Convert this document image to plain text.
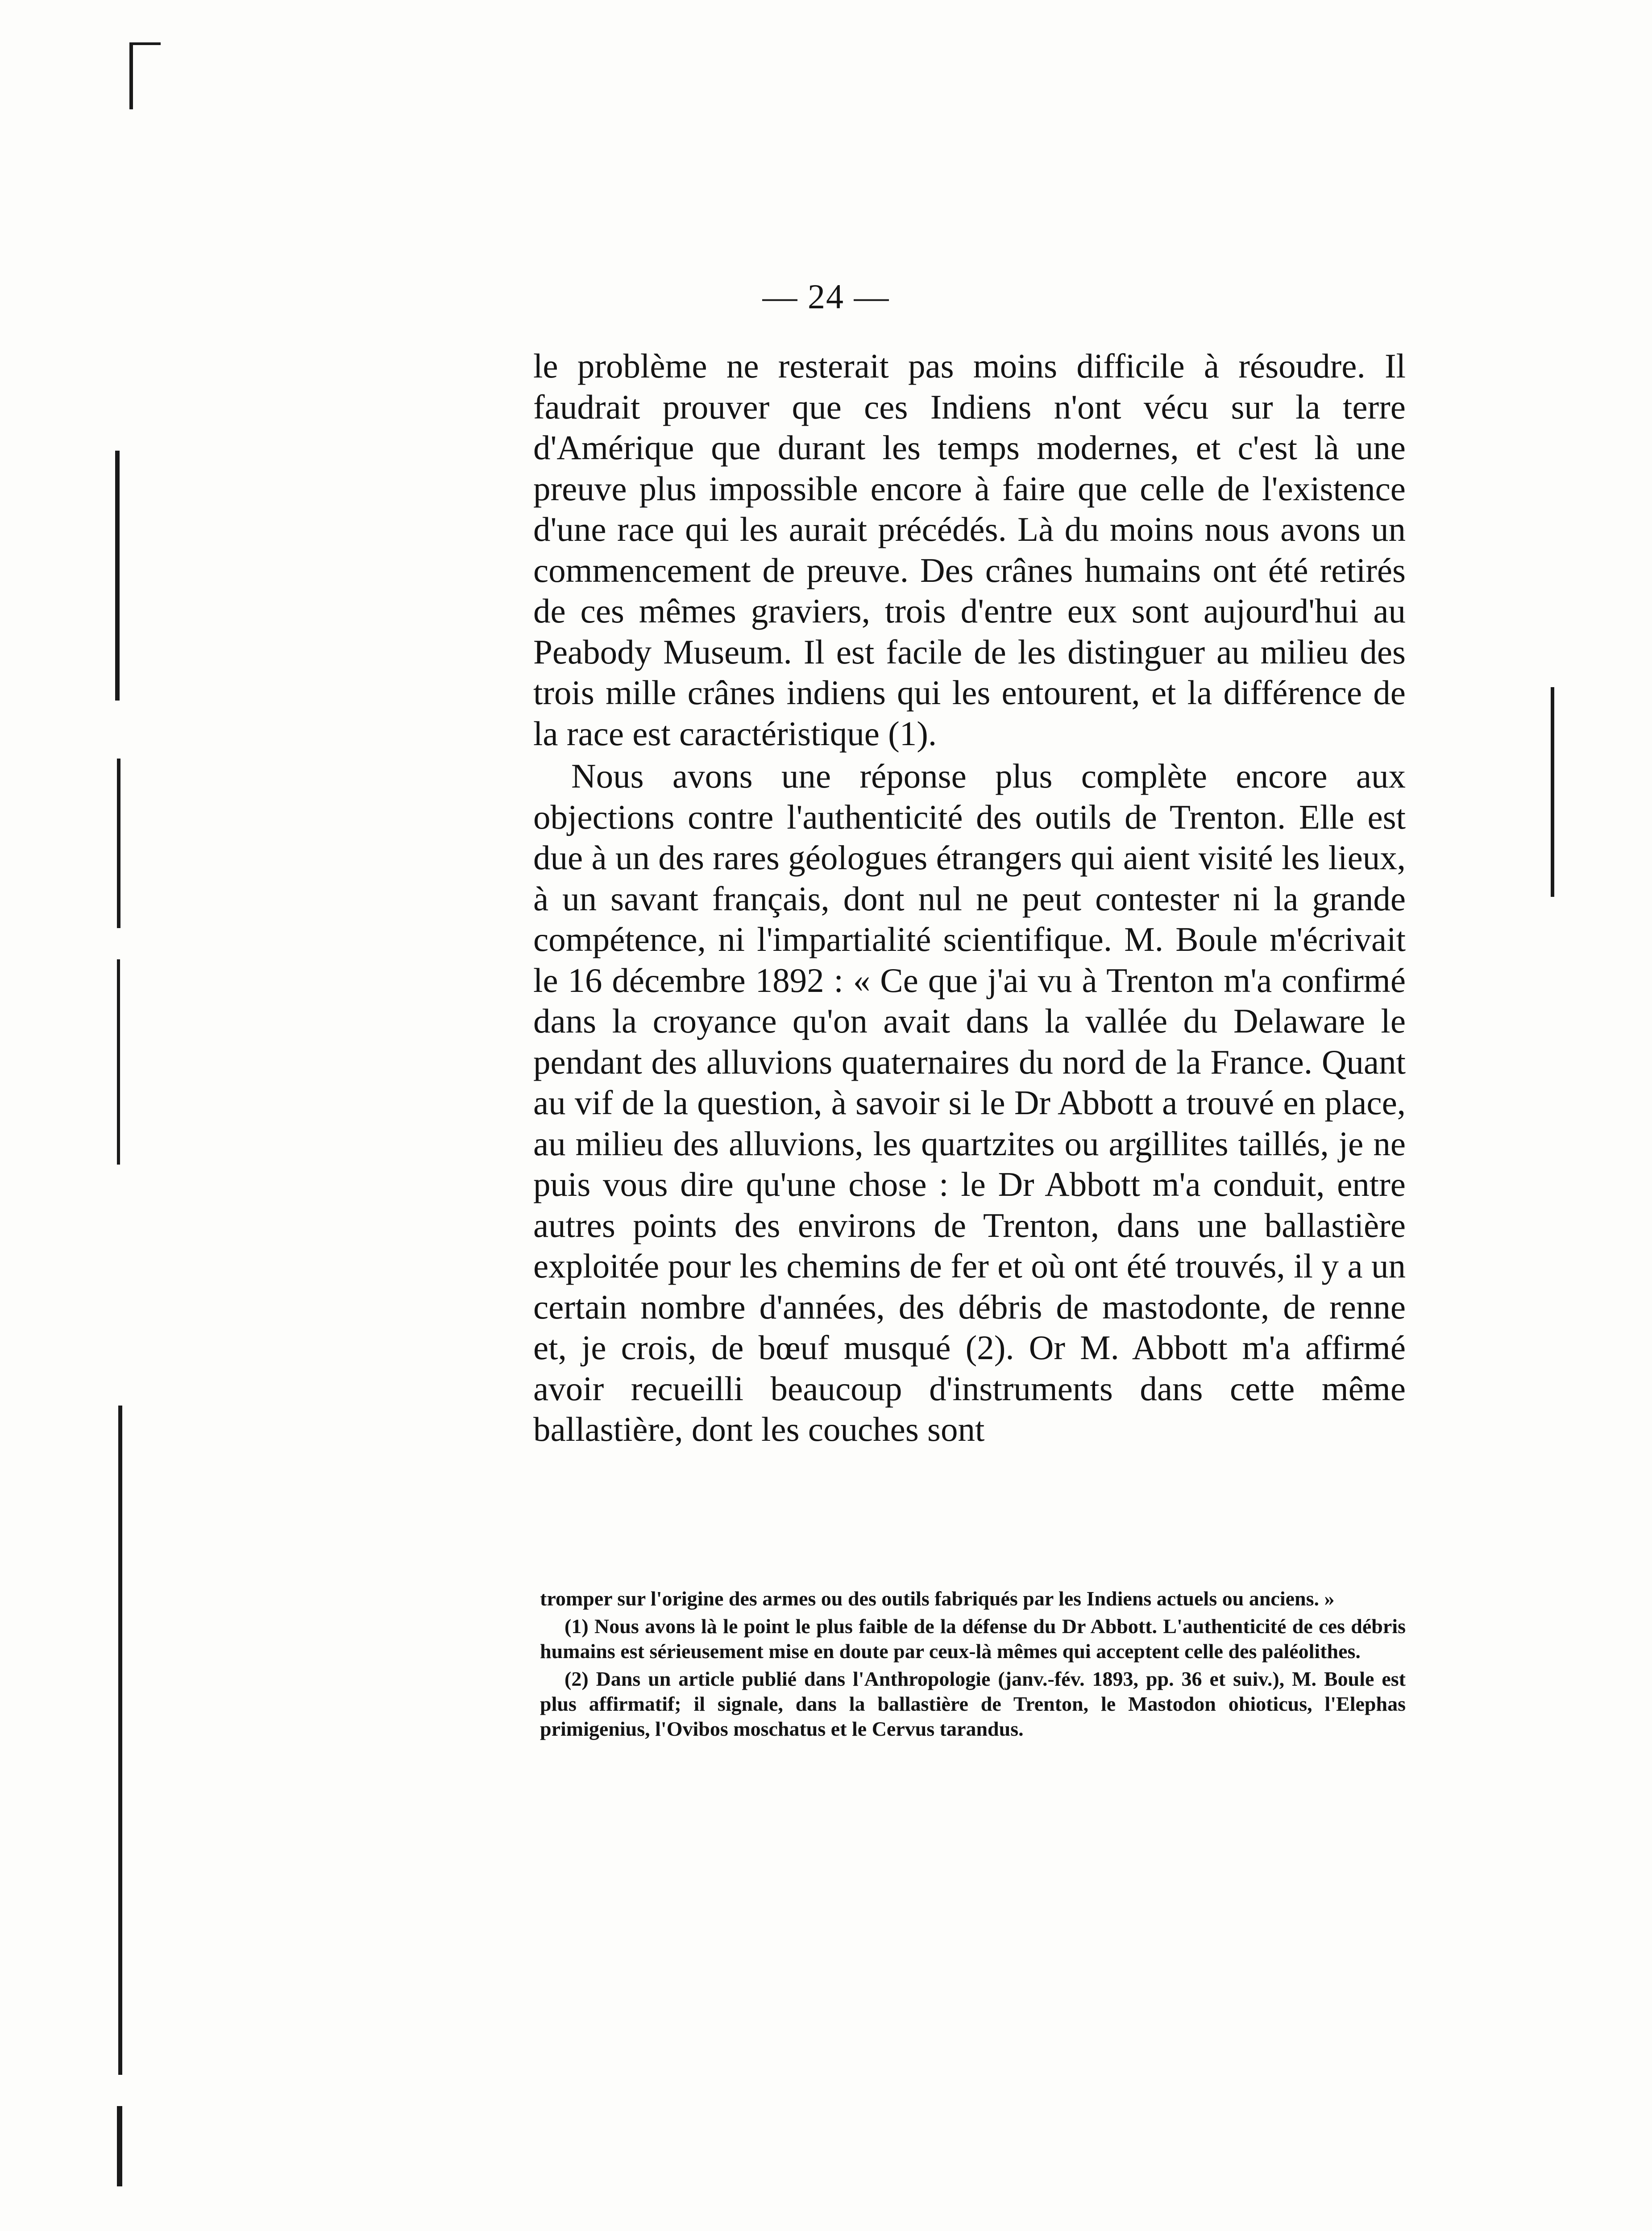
— 24 —

le problème ne resterait pas moins difficile à résoudre. Il faudrait prouver que ces Indiens n'ont vécu sur la terre d'Amérique que durant les temps modernes, et c'est là une preuve plus impossible encore à faire que celle de l'existence d'une race qui les aurait précédés. Là du moins nous avons un commencement de preuve. Des crânes humains ont été retirés de ces mêmes graviers, trois d'entre eux sont aujourd'hui au Peabody Museum. Il est facile de les distinguer au milieu des trois mille crânes indiens qui les entourent, et la différence de la race est caractéristique (1).

Nous avons une réponse plus complète encore aux objections contre l'authenticité des outils de Trenton. Elle est due à un des rares géologues étrangers qui aient visité les lieux, à un savant français, dont nul ne peut contester ni la grande compétence, ni l'impartialité scientifique. M. Boule m'écrivait le 16 décembre 1892 : « Ce que j'ai vu à Trenton m'a confirmé dans la croyance qu'on avait dans la vallée du Delaware le pendant des alluvions quaternaires du nord de la France. Quant au vif de la question, à savoir si le Dr Abbott a trouvé en place, au milieu des alluvions, les quartzites ou argillites taillés, je ne puis vous dire qu'une chose : le Dr Abbott m'a conduit, entre autres points des environs de Trenton, dans une ballastière exploitée pour les chemins de fer et où ont été trouvés, il y a un certain nombre d'années, des débris de mastodonte, de renne et, je crois, de bœuf musqué (2). Or M. Abbott m'a affirmé avoir recueilli beaucoup d'instruments dans cette même ballastière, dont les couches sont

tromper sur l'origine des armes ou des outils fabriqués par les Indiens actuels ou anciens. »

(1) Nous avons là le point le plus faible de la défense du Dr Abbott. L'authenticité de ces débris humains est sérieusement mise en doute par ceux-là mêmes qui acceptent celle des paléolithes.

(2) Dans un article publié dans l'Anthropologie (janv.-fév. 1893, pp. 36 et suiv.), M. Boule est plus affirmatif; il signale, dans la ballastière de Trenton, le Mastodon ohioticus, l'Elephas primigenius, l'Ovibos moschatus et le Cervus tarandus.
